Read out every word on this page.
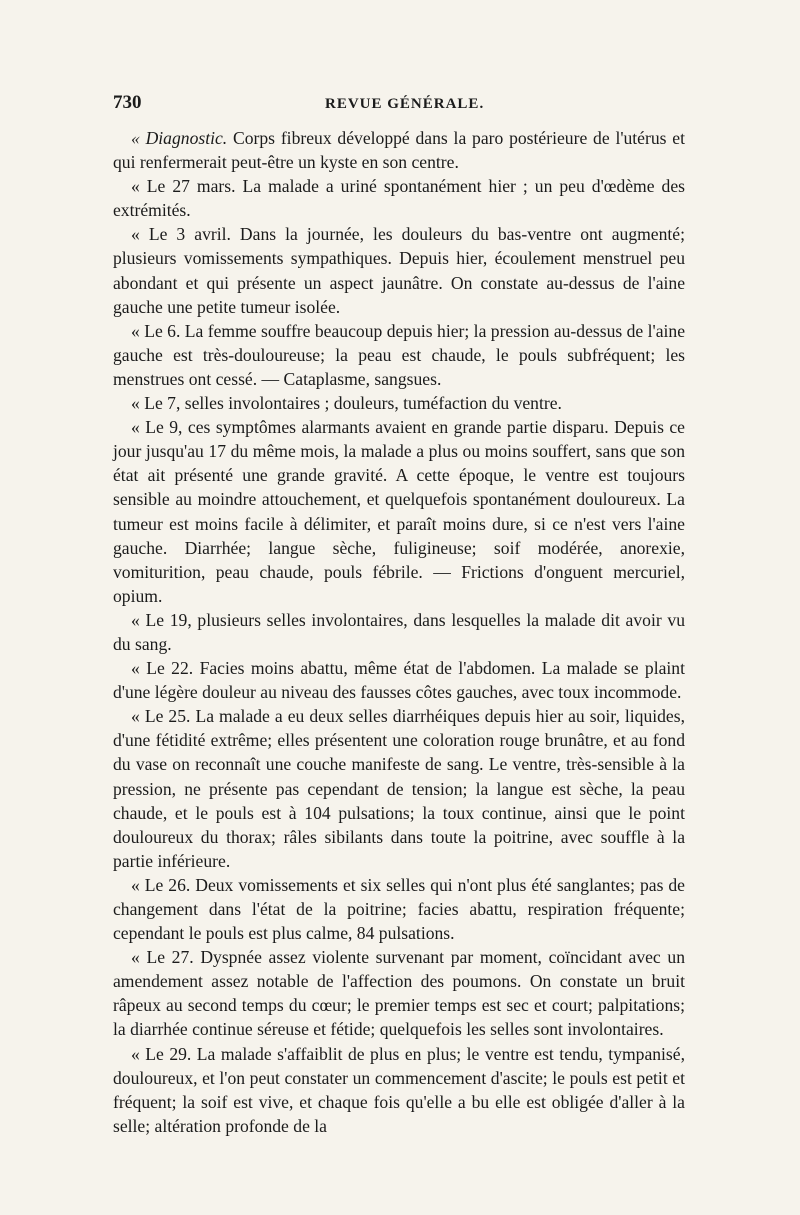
730	REVUE GÉNÉRALE.

« Diagnostic. Corps fibreux développé dans la paro postérieure de l'utérus et qui renfermerait peut-être un kyste en son centre.

« Le 27 mars. La malade a uriné spontanément hier ; un peu d'œdème des extrémités.

« Le 3 avril. Dans la journée, les douleurs du bas-ventre ont augmenté; plusieurs vomissements sympathiques. Depuis hier, écoulement menstruel peu abondant et qui présente un aspect jaunâtre. On constate au-dessus de l'aine gauche une petite tumeur isolée.

« Le 6. La femme souffre beaucoup depuis hier; la pression au-dessus de l'aine gauche est très-douloureuse; la peau est chaude, le pouls subfréquent; les menstrues ont cessé. — Cataplasme, sangsues.

« Le 7, selles involontaires ; douleurs, tuméfaction du ventre.

« Le 9, ces symptômes alarmants avaient en grande partie disparu. Depuis ce jour jusqu'au 17 du même mois, la malade a plus ou moins souffert, sans que son état ait présenté une grande gravité. A cette époque, le ventre est toujours sensible au moindre attouchement, et quelquefois spontanément douloureux. La tumeur est moins facile à délimiter, et paraît moins dure, si ce n'est vers l'aine gauche. Diarrhée; langue sèche, fuligineuse; soif modérée, anorexie, vomiturition, peau chaude, pouls fébrile. — Frictions d'onguent mercuriel, opium.

« Le 19, plusieurs selles involontaires, dans lesquelles la malade dit avoir vu du sang.

« Le 22. Facies moins abattu, même état de l'abdomen. La malade se plaint d'une légère douleur au niveau des fausses côtes gauches, avec toux incommode.

« Le 25. La malade a eu deux selles diarrhéiques depuis hier au soir, liquides, d'une fétidité extrême; elles présentent une coloration rouge brunâtre, et au fond du vase on reconnaît une couche manifeste de sang. Le ventre, très-sensible à la pression, ne présente pas cependant de tension; la langue est sèche, la peau chaude, et le pouls est à 104 pulsations; la toux continue, ainsi que le point douloureux du thorax; râles sibilants dans toute la poitrine, avec souffle à la partie inférieure.

« Le 26. Deux vomissements et six selles qui n'ont plus été sanglantes; pas de changement dans l'état de la poitrine; facies abattu, respiration fréquente; cependant le pouls est plus calme, 84 pulsations.

« Le 27. Dyspnée assez violente survenant par moment, coïncidant avec un amendement assez notable de l'affection des poumons. On constate un bruit râpeux au second temps du cœur; le premier temps est sec et court; palpitations; la diarrhée continue séreuse et fétide; quelquefois les selles sont involontaires.

« Le 29. La malade s'affaiblit de plus en plus; le ventre est tendu, tympanisé, douloureux, et l'on peut constater un commencement d'ascite; le pouls est petit et fréquent; la soif est vive, et chaque fois qu'elle a bu elle est obligée d'aller à la selle; altération profonde de la
